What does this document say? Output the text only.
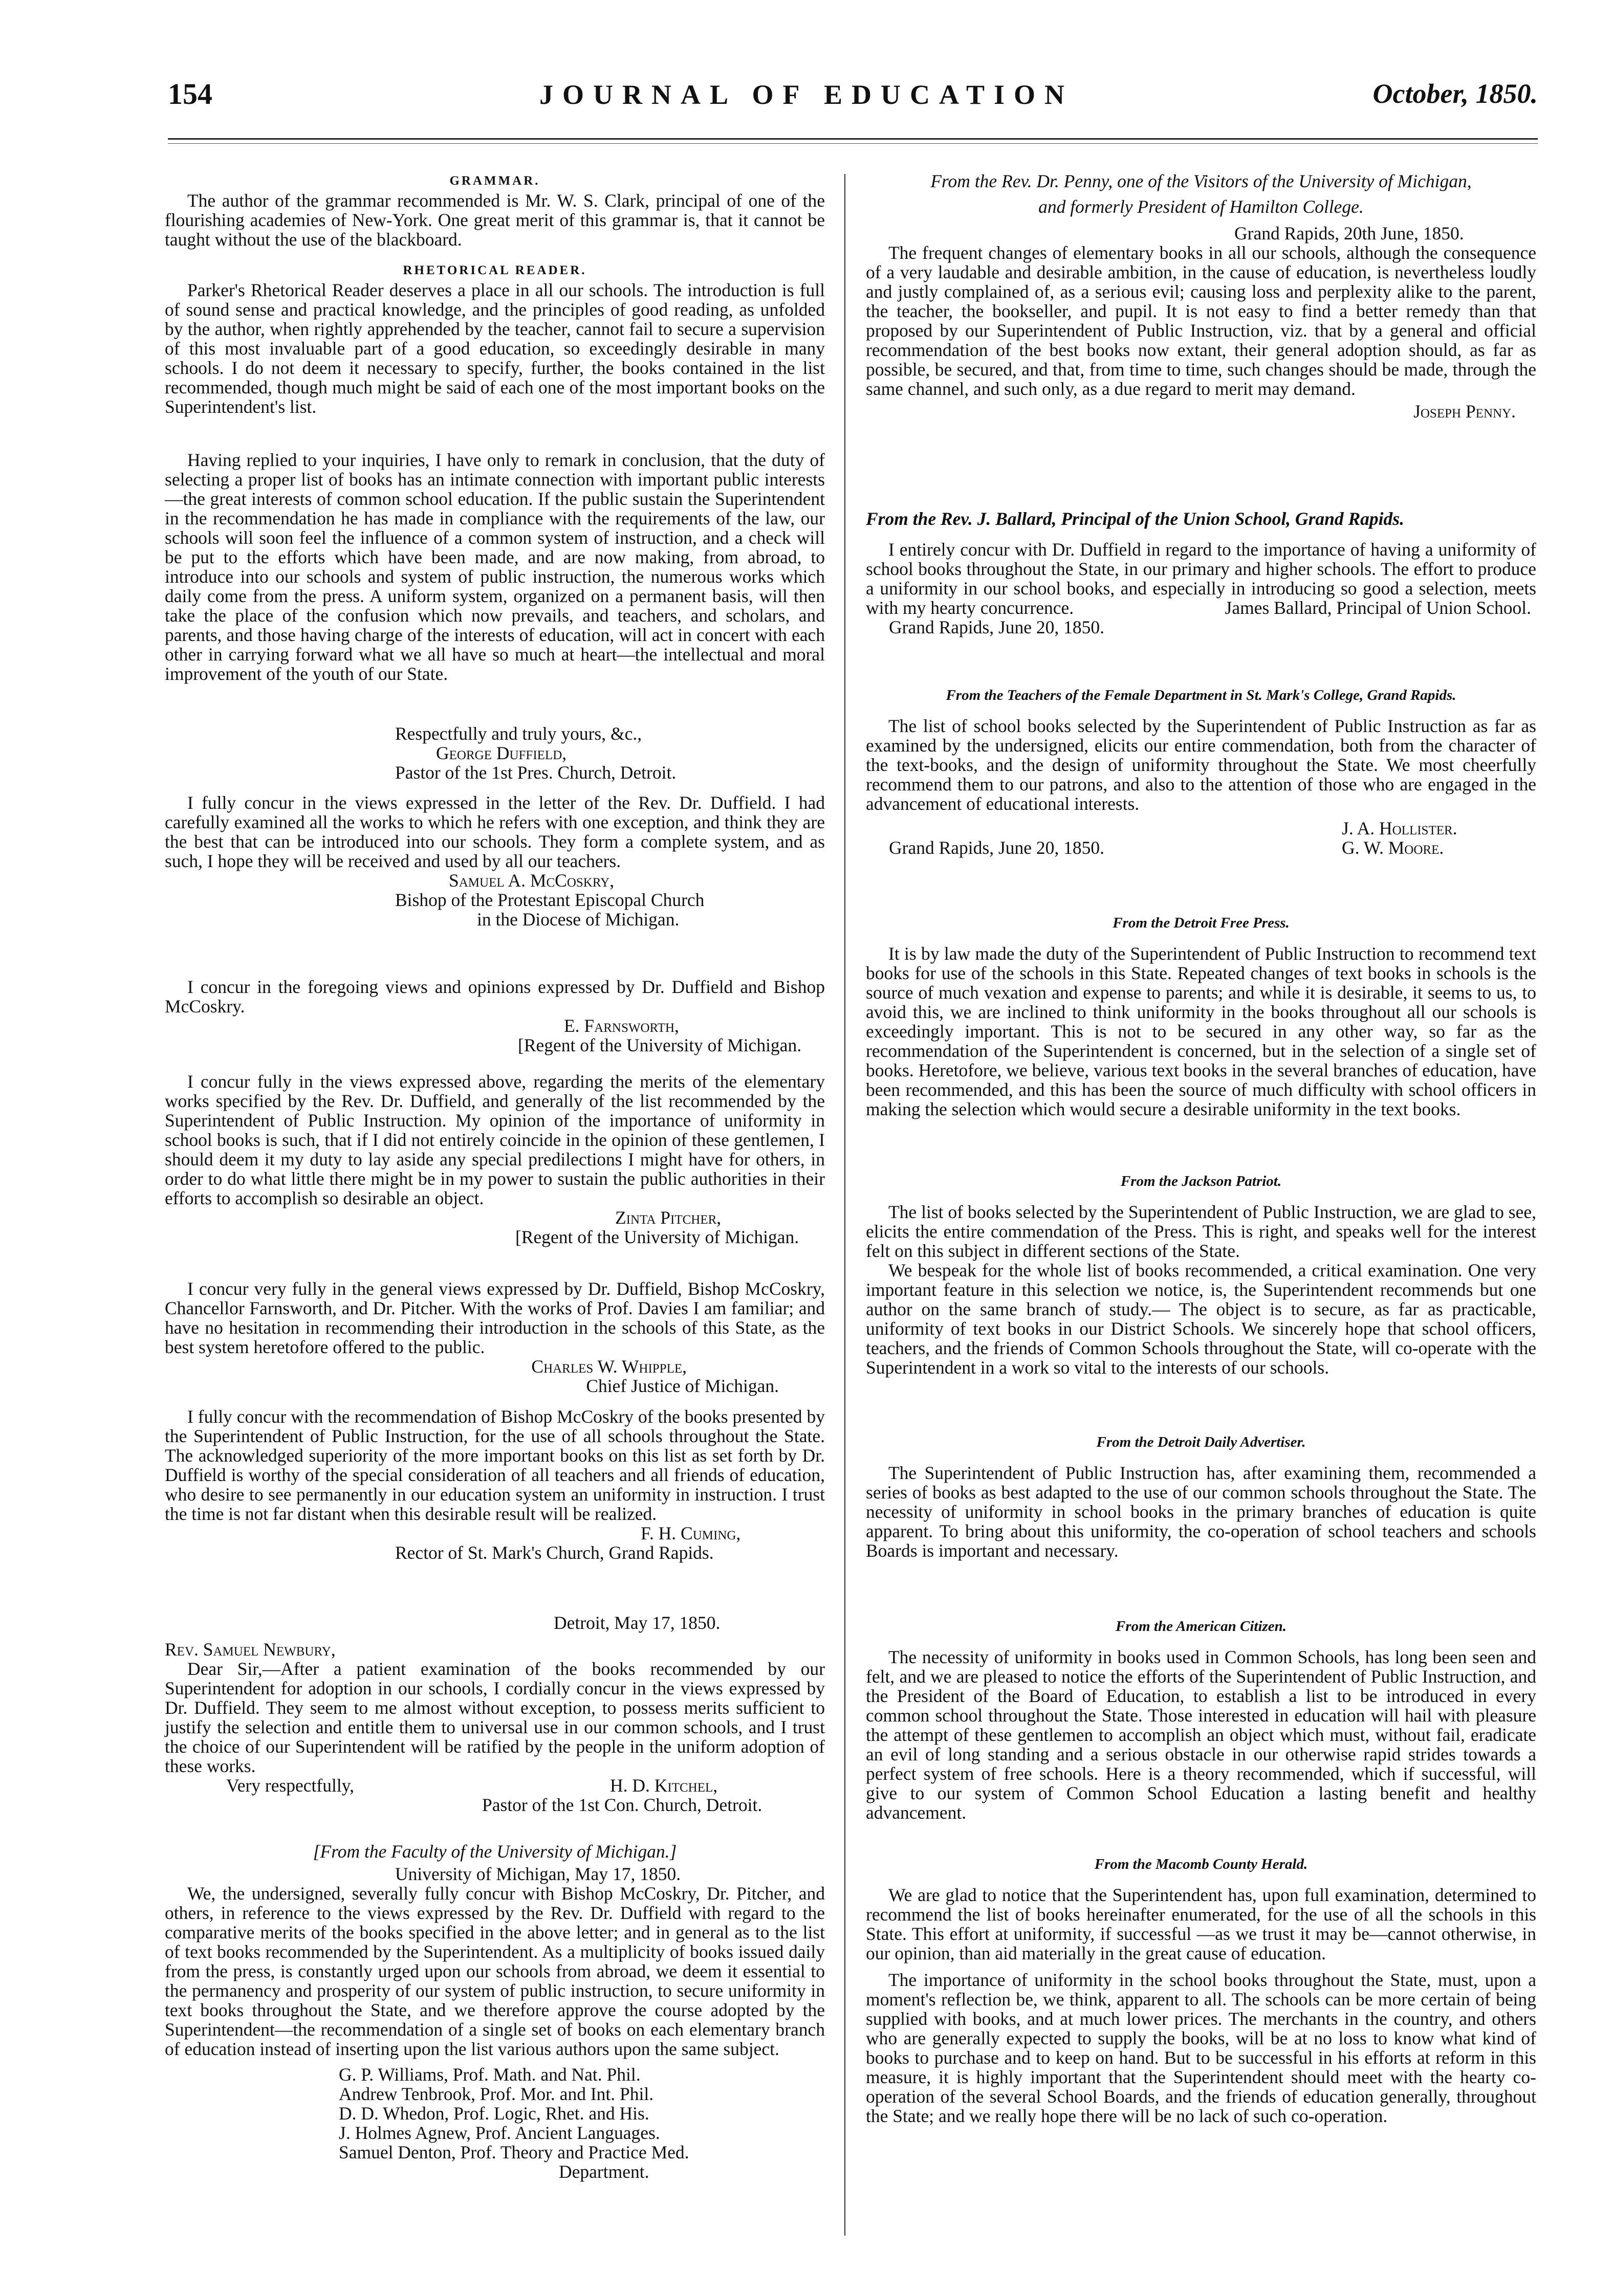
154	JOURNAL OF EDUCATION	October, 1850.

GRAMMAR.

The author of the grammar recommended is Mr. W. S. Clark, principal of one of the flourishing academies of New-York. One great merit of this grammar is, that it cannot be taught without the use of the blackboard.

RHETORICAL READER.

Parker's Rhetorical Reader deserves a place in all our schools. The introduction is full of sound sense and practical knowledge, and the principles of good reading, as unfolded by the author, when rightly apprehended by the teacher, cannot fail to secure a supervision of this most invaluable part of a good education, so exceedingly desirable in many schools. I do not deem it necessary to specify, further, the books contained in the list recommended, though much might be said of each one of the most important books on the Superintendent's list.

Having replied to your inquiries, I have only to remark in conclusion, that the duty of selecting a proper list of books has an intimate connection with important public interests—the great interests of common school education. If the public sustain the Superintendent in the recommendation he has made in compliance with the requirements of the law, our schools will soon feel the influence of a common system of instruction, and a check will be put to the efforts which have been made, and are now making, from abroad, to introduce into our schools and system of public instruction, the numerous works which daily come from the press. A uniform system, organized on a permanent basis, will then take the place of the confusion which now prevails, and teachers, and scholars, and parents, and those having charge of the interests of education, will act in concert with each other in carrying forward what we all have so much at heart—the intellectual and moral improvement of the youth of our State.

Respectfully and truly yours, &c.,

George Duffield,

Pastor of the 1st Pres. Church, Detroit.

I fully concur in the views expressed in the letter of the Rev. Dr. Duffield. I had carefully examined all the works to which he refers with one exception, and think they are the best that can be introduced into our schools. They form a complete system, and as such, I hope they will be received and used by all our teachers.

Samuel A. McCoskry,

Bishop of the Protestant Episcopal Church

in the Diocese of Michigan.

I concur in the foregoing views and opinions expressed by Dr. Duffield and Bishop McCoskry.

E. Farnsworth,

[Regent of the University of Michigan.

I concur fully in the views expressed above, regarding the merits of the elementary works specified by the Rev. Dr. Duffield, and generally of the list recommended by the Superintendent of Public Instruction. My opinion of the importance of uniformity in school books is such, that if I did not entirely coincide in the opinion of these gentlemen, I should deem it my duty to lay aside any special predilections I might have for others, in order to do what little there might be in my power to sustain the public authorities in their efforts to accomplish so desirable an object.

Zinta Pitcher,

[Regent of the University of Michigan.

I concur very fully in the general views expressed by Dr. Duffield, Bishop McCoskry, Chancellor Farnsworth, and Dr. Pitcher. With the works of Prof. Davies I am familiar; and have no hesitation in recommending their introduction in the schools of this State, as the best system heretofore offered to the public.

Charles W. Whipple,

Chief Justice of Michigan.

I fully concur with the recommendation of Bishop McCoskry of the books presented by the Superintendent of Public Instruction, for the use of all schools throughout the State. The acknowledged superiority of the more important books on this list as set forth by Dr. Duffield is worthy of the special consideration of all teachers and all friends of education, who desire to see permanently in our education system an uniformity in instruction. I trust the time is not far distant when this desirable result will be realized.

F. H. Cuming,

Rector of St. Mark's Church, Grand Rapids.

Detroit, May 17, 1850.

Rev. Samuel Newbury,

Dear Sir,—After a patient examination of the books recommended by our Superintendent for adoption in our schools, I cordially concur in the views expressed by Dr. Duffield. They seem to me almost without exception, to possess merits sufficient to justify the selection and entitle them to universal use in our common schools, and I trust the choice of our Superintendent will be ratified by the people in the uniform adoption of these works.

Very respectfully,	H. D. Kitchel,

Pastor of the 1st Con. Church, Detroit.

[From the Faculty of the University of Michigan.]

University of Michigan, May 17, 1850.

We, the undersigned, severally fully concur with Bishop McCoskry, Dr. Pitcher, and others, in reference to the views expressed by the Rev. Dr. Duffield with regard to the comparative merits of the books specified in the above letter; and in general as to the list of text books recommended by the Superintendent. As a multiplicity of books issued daily from the press, is constantly urged upon our schools from abroad, we deem it essential to the permanency and prosperity of our system of public instruction, to secure uniformity in text books throughout the State, and we therefore approve the course adopted by the Superintendent—the recommendation of a single set of books on each elementary branch of education instead of inserting upon the list various authors upon the same subject.

G. P. Williams, Prof. Math. and Nat. Phil.

Andrew Tenbrook, Prof. Mor. and Int. Phil.

D. D. Whedon, Prof. Logic, Rhet. and His.

J. Holmes Agnew, Prof. Ancient Languages.

Samuel Denton, Prof. Theory and Practice Med.

Department.

From the Rev. Dr. Penny, one of the Visitors of the University of Michigan,

and formerly President of Hamilton College.

Grand Rapids, 20th June, 1850.

The frequent changes of elementary books in all our schools, although the consequence of a very laudable and desirable ambition, in the cause of education, is nevertheless loudly and justly complained of, as a serious evil; causing loss and perplexity alike to the parent, the teacher, the bookseller, and pupil. It is not easy to find a better remedy than that proposed by our Superintendent of Public Instruction, viz. that by a general and official recommendation of the best books now extant, their general adoption should, as far as possible, be secured, and that, from time to time, such changes should be made, through the same channel, and such only, as a due regard to merit may demand.

Joseph Penny.

From the Rev. J. Ballard, Principal of the Union School, Grand Rapids.

I entirely concur with Dr. Duffield in regard to the importance of having a uniformity of school books throughout the State, in our primary and higher schools. The effort to produce a uniformity in our school books, and especially in introducing so good a selection, meets with my hearty concurrence.	James Ballard, Principal of Union School.

Grand Rapids, June 20, 1850.

From the Teachers of the Female Department in St. Mark's College, Grand Rapids.

The list of school books selected by the Superintendent of Public Instruction as far as examined by the undersigned, elicits our entire commendation, both from the character of the text-books, and the design of uniformity throughout the State. We most cheerfully recommend them to our patrons, and also to the attention of those who are engaged in the advancement of educational interests.

J. A. Hollister.

Grand Rapids, June 20, 1850.	G. W. Moore.

From the Detroit Free Press.

It is by law made the duty of the Superintendent of Public Instruction to recommend text books for use of the schools in this State. Repeated changes of text books in schools is the source of much vexation and expense to parents; and while it is desirable, it seems to us, to avoid this, we are inclined to think uniformity in the books throughout all our schools is exceedingly important. This is not to be secured in any other way, so far as the recommendation of the Superintendent is concerned, but in the selection of a single set of books. Heretofore, we believe, various text books in the several branches of education, have been recommended, and this has been the source of much difficulty with school officers in making the selection which would secure a desirable uniformity in the text books.

From the Jackson Patriot.

The list of books selected by the Superintendent of Public Instruction, we are glad to see, elicits the entire commendation of the Press. This is right, and speaks well for the interest felt on this subject in different sections of the State.

We bespeak for the whole list of books recommended, a critical examination. One very important feature in this selection we notice, is, the Superintendent recommends but one author on the same branch of study.— The object is to secure, as far as practicable, uniformity of text books in our District Schools. We sincerely hope that school officers, teachers, and the friends of Common Schools throughout the State, will co-operate with the Superintendent in a work so vital to the interests of our schools.

From the Detroit Daily Advertiser.

The Superintendent of Public Instruction has, after examining them, recommended a series of books as best adapted to the use of our common schools throughout the State. The necessity of uniformity in school books in the primary branches of education is quite apparent. To bring about this uniformity, the co-operation of school teachers and schools Boards is important and necessary.

From the American Citizen.

The necessity of uniformity in books used in Common Schools, has long been seen and felt, and we are pleased to notice the efforts of the Superintendent of Public Instruction, and the President of the Board of Education, to establish a list to be introduced in every common school throughout the State. Those interested in education will hail with pleasure the attempt of these gentlemen to accomplish an object which must, without fail, eradicate an evil of long standing and a serious obstacle in our otherwise rapid strides towards a perfect system of free schools. Here is a theory recommended, which if successful, will give to our system of Common School Education a lasting benefit and healthy advancement.

From the Macomb County Herald.

We are glad to notice that the Superintendent has, upon full examination, determined to recommend the list of books hereinafter enumerated, for the use of all the schools in this State. This effort at uniformity, if successful —as we trust it may be—cannot otherwise, in our opinion, than aid materially in the great cause of education.

The importance of uniformity in the school books throughout the State, must, upon a moment's reflection be, we think, apparent to all. The schools can be more certain of being supplied with books, and at much lower prices. The merchants in the country, and others who are generally expected to supply the books, will be at no loss to know what kind of books to purchase and to keep on hand. But to be successful in his efforts at reform in this measure, it is highly important that the Superintendent should meet with the hearty co-operation of the several School Boards, and the friends of education generally, throughout the State; and we really hope there will be no lack of such co-operation.
